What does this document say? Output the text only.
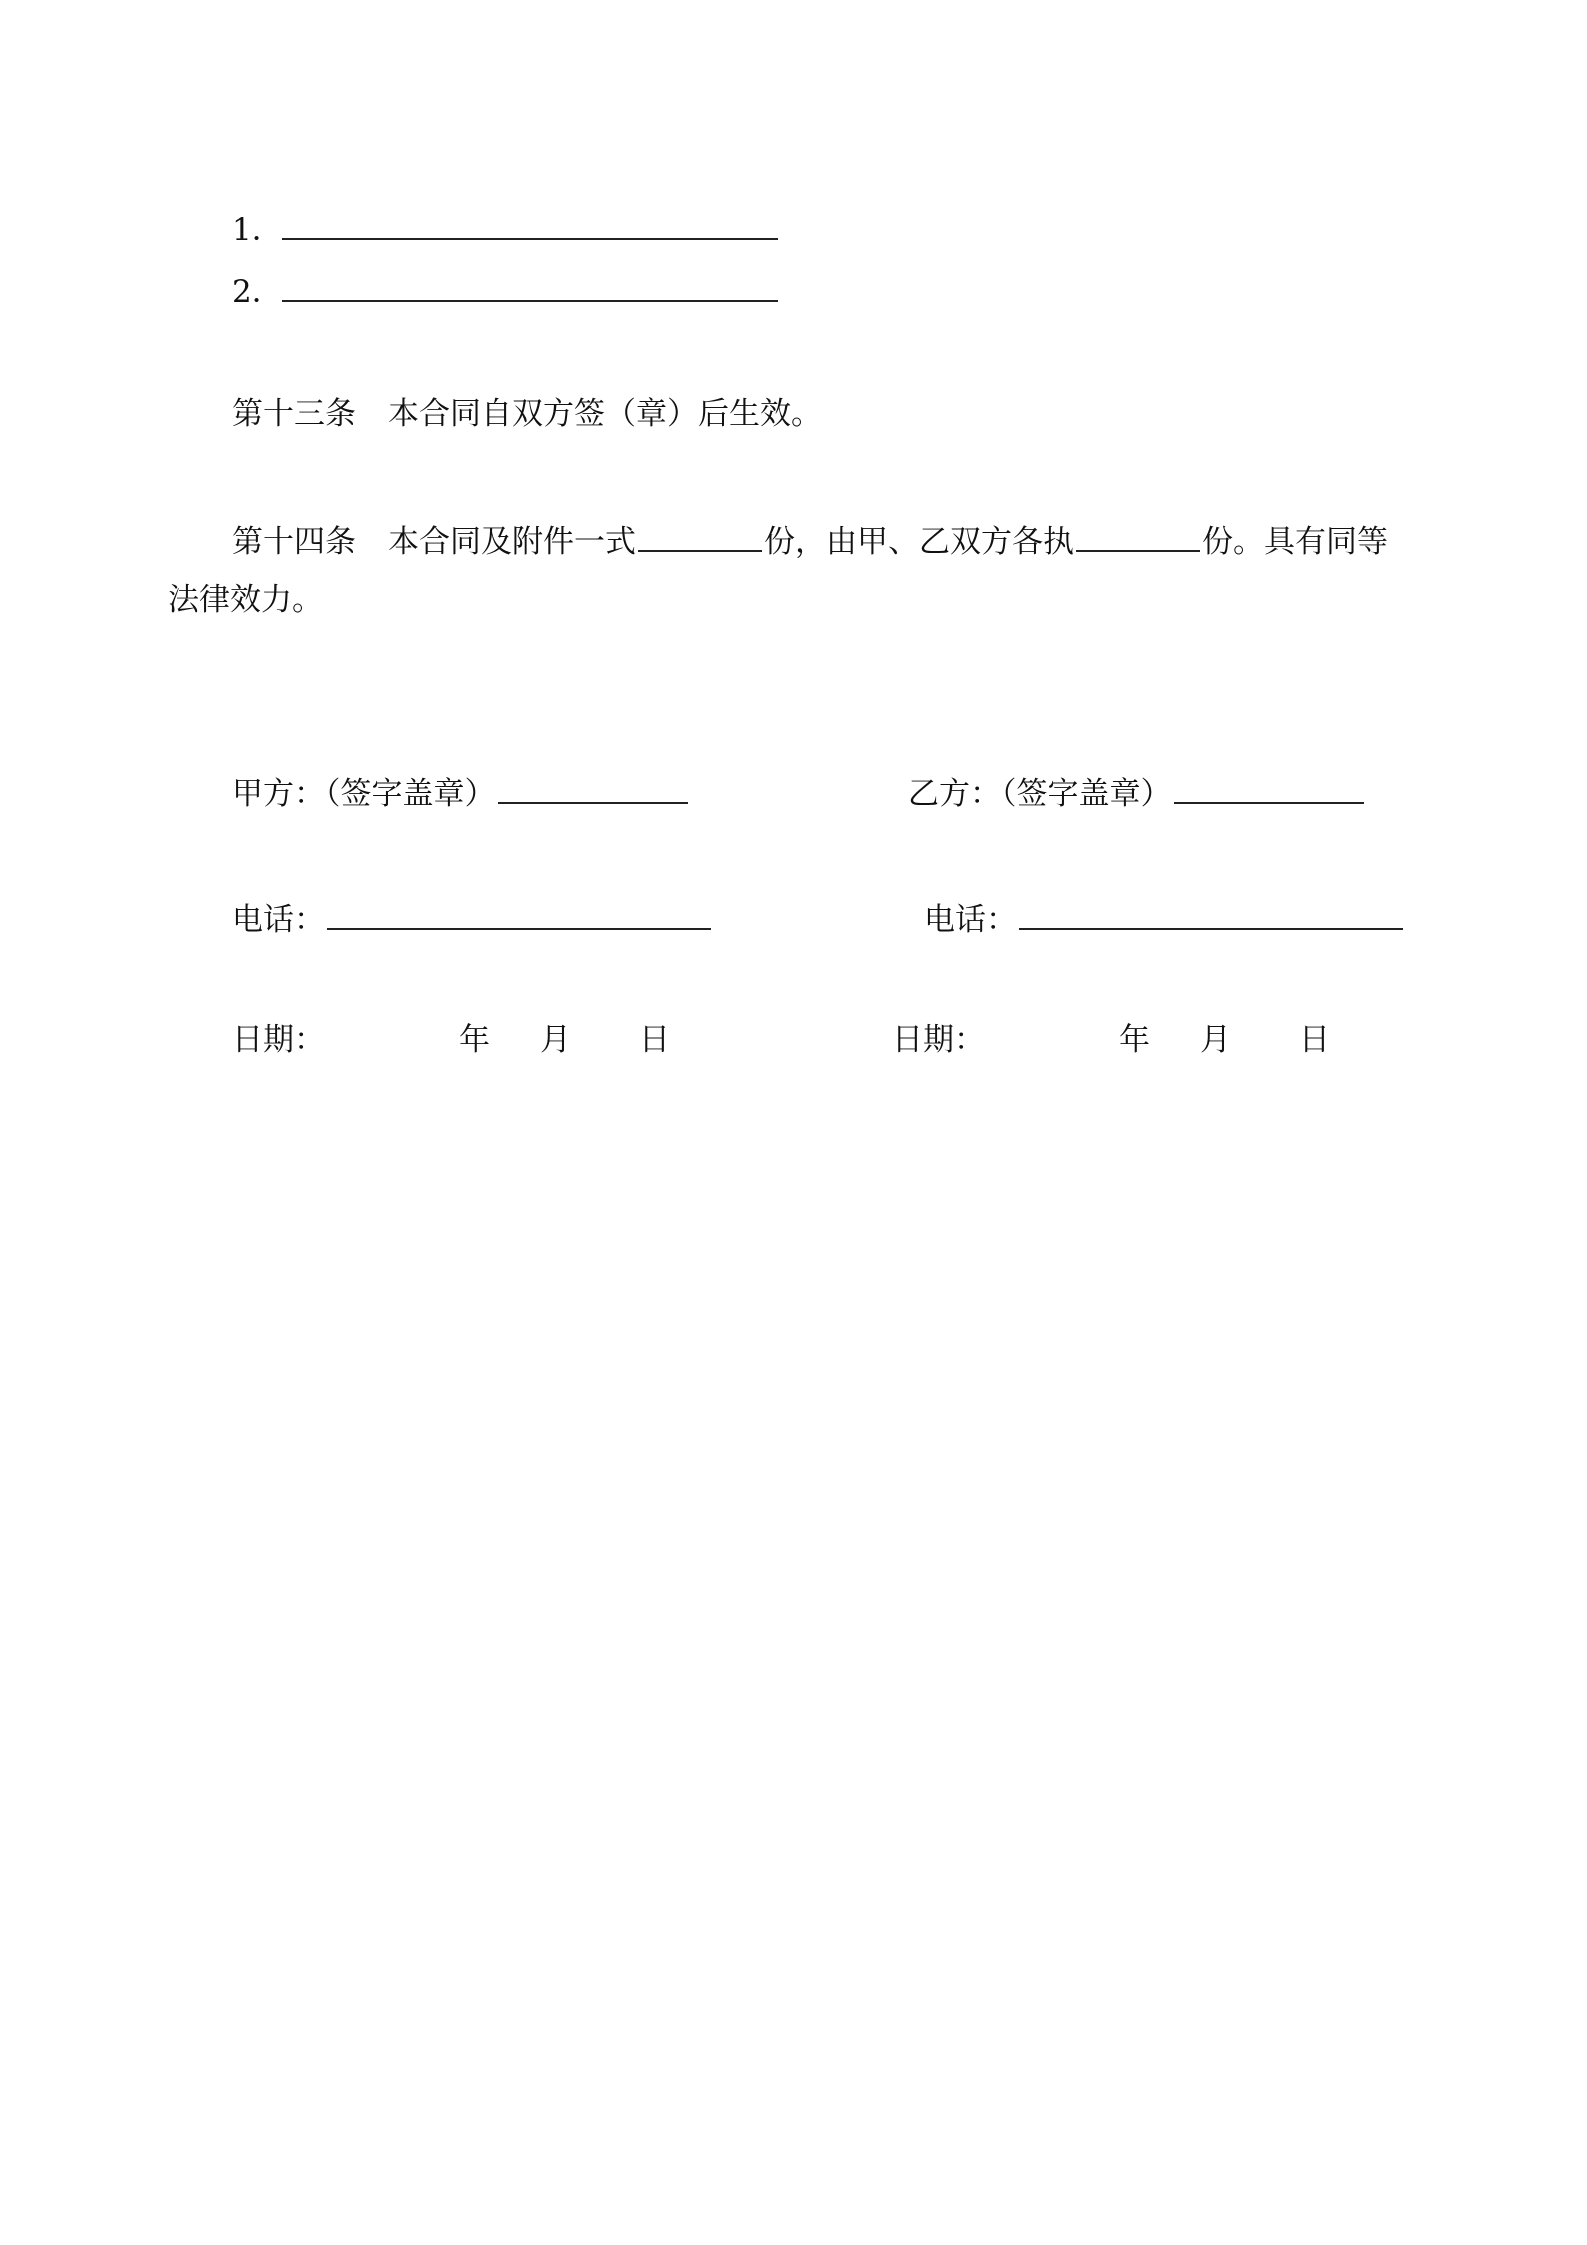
1．
2．
第十三条 本合同自双方签（章）后生效。
第十四条 本合同及附件一式	份，由甲、乙双方各执	份。具有同等
法律效力。
甲方：（签字盖章）	乙方：（签字盖章）
电话：	电话：
日期：	年 月 日	日期：	年 月 日
